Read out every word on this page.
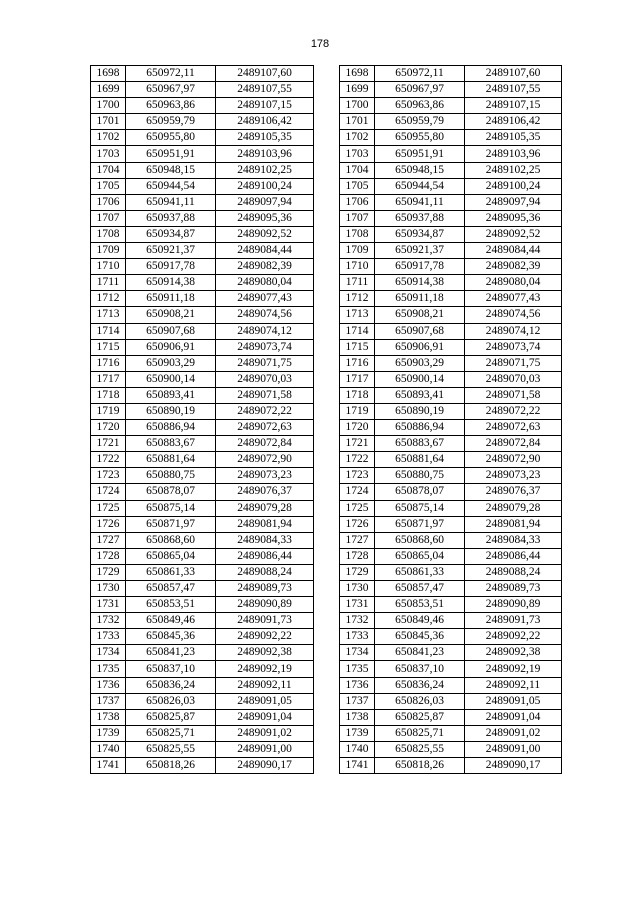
178
1698	650972,11	2489107,60
1699	650967,97	2489107,55
1700	650963,86	2489107,15
1701	650959,79	2489106,42
1702	650955,80	2489105,35
1703	650951,91	2489103,96
1704	650948,15	2489102,25
1705	650944,54	2489100,24
1706	650941,11	2489097,94
1707	650937,88	2489095,36
1708	650934,87	2489092,52
1709	650921,37	2489084,44
1710	650917,78	2489082,39
1711	650914,38	2489080,04
1712	650911,18	2489077,43
1713	650908,21	2489074,56
1714	650907,68	2489074,12
1715	650906,91	2489073,74
1716	650903,29	2489071,75
1717	650900,14	2489070,03
1718	650893,41	2489071,58
1719	650890,19	2489072,22
1720	650886,94	2489072,63
1721	650883,67	2489072,84
1722	650881,64	2489072,90
1723	650880,75	2489073,23
1724	650878,07	2489076,37
1725	650875,14	2489079,28
1726	650871,97	2489081,94
1727	650868,60	2489084,33
1728	650865,04	2489086,44
1729	650861,33	2489088,24
1730	650857,47	2489089,73
1731	650853,51	2489090,89
1732	650849,46	2489091,73
1733	650845,36	2489092,22
1734	650841,23	2489092,38
1735	650837,10	2489092,19
1736	650836,24	2489092,11
1737	650826,03	2489091,05
1738	650825,87	2489091,04
1739	650825,71	2489091,02
1740	650825,55	2489091,00
1741	650818,26	2489090,17
1698	650972,11	2489107,60
1699	650967,97	2489107,55
1700	650963,86	2489107,15
1701	650959,79	2489106,42
1702	650955,80	2489105,35
1703	650951,91	2489103,96
1704	650948,15	2489102,25
1705	650944,54	2489100,24
1706	650941,11	2489097,94
1707	650937,88	2489095,36
1708	650934,87	2489092,52
1709	650921,37	2489084,44
1710	650917,78	2489082,39
1711	650914,38	2489080,04
1712	650911,18	2489077,43
1713	650908,21	2489074,56
1714	650907,68	2489074,12
1715	650906,91	2489073,74
1716	650903,29	2489071,75
1717	650900,14	2489070,03
1718	650893,41	2489071,58
1719	650890,19	2489072,22
1720	650886,94	2489072,63
1721	650883,67	2489072,84
1722	650881,64	2489072,90
1723	650880,75	2489073,23
1724	650878,07	2489076,37
1725	650875,14	2489079,28
1726	650871,97	2489081,94
1727	650868,60	2489084,33
1728	650865,04	2489086,44
1729	650861,33	2489088,24
1730	650857,47	2489089,73
1731	650853,51	2489090,89
1732	650849,46	2489091,73
1733	650845,36	2489092,22
1734	650841,23	2489092,38
1735	650837,10	2489092,19
1736	650836,24	2489092,11
1737	650826,03	2489091,05
1738	650825,87	2489091,04
1739	650825,71	2489091,02
1740	650825,55	2489091,00
1741	650818,26	2489090,17
